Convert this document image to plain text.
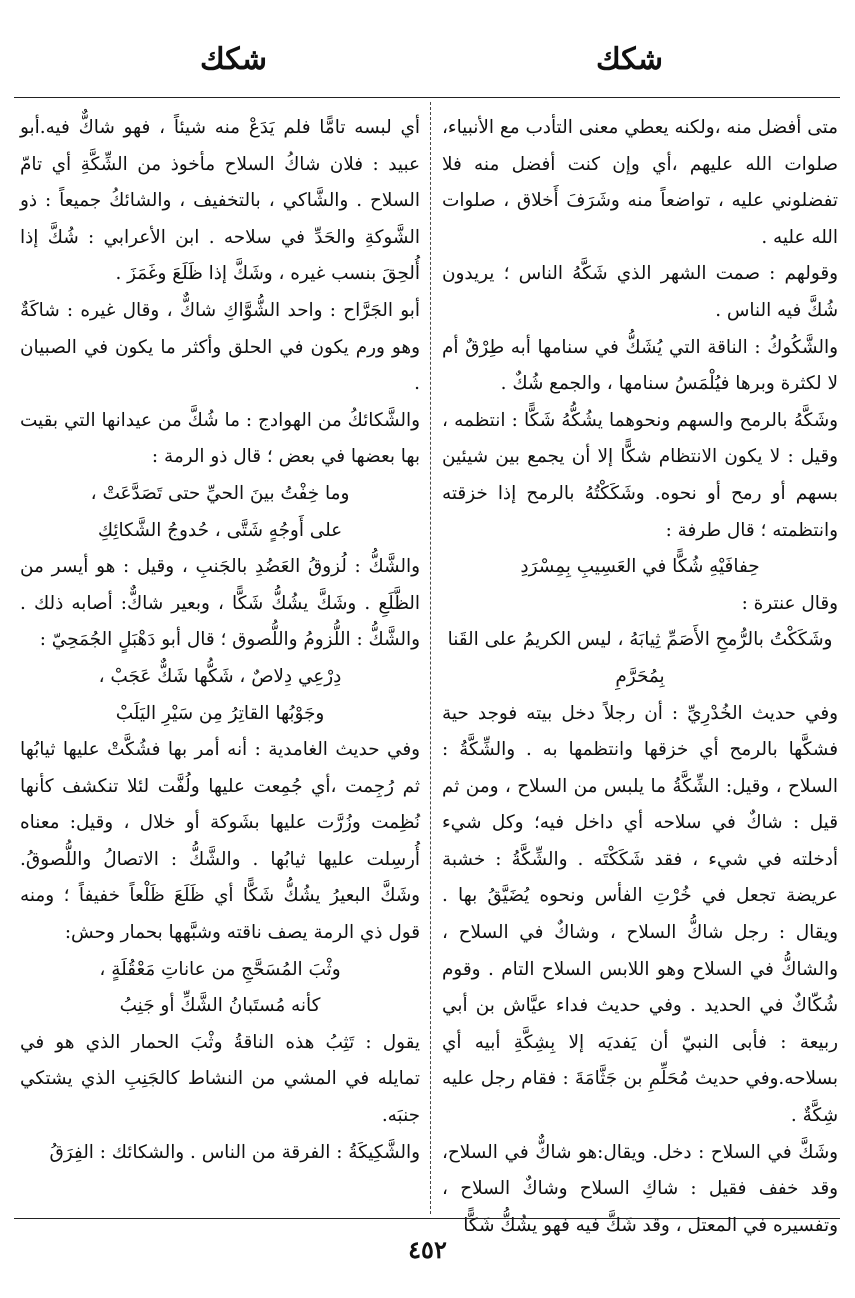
شكك
شكك

متى أفضل منه ،ولكنه يعطي معنى التأدب مع الأنبياء، صلوات الله عليهم ،أي وإن كنت أفضل منه فلا تفضلوني عليه ، تواضعاً منه وشَرَفَ أَخلاق ، صلوات الله عليه .

وقولهم : صمت الشهر الذي شَكَّهُ الناس ؛ يريدون شُكَّ فيه الناس .

والشَّكُوكُ : الناقة التي يُشَكُّ في سنامها أبه طِرْقٌ أم لا لكثرة وبرها فيُلْمَسُ سنامها ، والجمع شُكٌ .

وشَكَّهُ بالرمح والسهم ونحوهما يشُكُّهُ شَكًّا : انتظمه ، وقيل : لا يكون الانتظام شكًّا إلا أن يجمع بين شيئين بسهم أو رمح أو نحوه. وشَكَكْتُهُ بالرمح إذا خزقته وانتظمته ؛ قال طرفة :

حِفافَيْهِ شُكًّا في العَسِيبِ بِمِسْرَدِ

وقال عنترة :

وشَكَكْتُ بالرُّمحِ الأَصَمِّ ثِيابَهُ ، ليس الكريمُ على القَنا بِمُحَرَّمِ

وفي حديث الخُدْرِيِّ : أن رجلاً دخل بيته فوجد حية فشكَّها بالرمح أي خزقها وانتظمها به . والشِّكَّةُ : السلاح ، وقيل: الشِّكَّةُ ما يلبس من السلاح ، ومن ثم قيل : شاكٌ في سلاحه أي داخل فيه؛ وكل شيء أدخلته في شيء ، فقد شَكَكْتَه . والشِّكَّةُ : خشبة عريضة تجعل في خُرْتِ الفأس ونحوه يُضَيَّقُ بها . ويقال : رجل شاكُّ السلاح ، وشاكٌ في السلاح ، والشاكُّ في السلاح وهو اللابس السلاح التام . وقوم شُكّاكٌ في الحديد . وفي حديث فداء عيَّاش بن أبي ربيعة : فأبى النبيّ أن يَفديَه إلا بِشِكَّةِ أبيه أي بسلاحه.وفي حديث مُحَلِّمِ بن جَثَّامَةَ : فقام رجل عليه شِكَّةٌ .

وشَكَّ في السلاح : دخل. ويقال:هو شاكٌّ في السلاح، وقد خفف فقيل : شاكِ السلاح وشاكٌ السلاح ، وتفسيره في المعتل ، وقد شَكَّ فيه فهو يشُكُّ شَكًّا

أي لبسه تامًّا فلم يَدَعْ منه شيئاً ، فهو شاكٌّ فيه.أبو عبيد : فلان شاكُ السلاح مأخوذ من الشِّكَّةِ أي تامّ السلاح . والشَّاكي ، بالتخفيف ، والشائكُ جميعاً : ذو الشَّوكةِ والحَدِّ في سلاحه . ابن الأعرابي : شُكَّ إذا أُلحِقَ بنسب غيره ، وشَكَّ إذا ظَلَعَ وغَمَزَ .

أبو الجَرَّاح : واحد الشُّوَّاكِ شاكٌّ ، وقال غيره : شاكَةٌ وهو ورم يكون في الحلق وأكثر ما يكون في الصبيان .

والشَّكائكُ من الهوادج : ما شُكَّ من عيدانها التي بقيت بها بعضها في بعض ؛ قال ذو الرمة :

وما خِفْتُ بينَ الحيِّ حتى تَصَدَّعَتْ ،

على أَوجُهٍ شَتَّى ، حُدوجُ الشَّكائِكِ

والشَّكُّ : لُزوقُ العَضُدِ بالجَنبِ ، وقيل : هو أيسر من الظَّلَعِ . وشَكَّ يشُكُّ شَكًّا ، وبعير شاكٌّ: أصابه ذلك . والشَّكُّ : اللُّزومُ واللُّصوق ؛ قال أبو دَهْبَلٍ الجُمَحِيّ :

دِرْعِي دِلاصٌ ، شَكُّها شَكٌّ عَجَبْ ،

وجَوْبُها القاتِرُ مِن سَيْرِ اليَلَبْ

وفي حديث الغامدية : أنه أمر بها فشُكَّتْ عليها ثيابُها ثم رُجِمت ،أي جُمِعت عليها ولُفَّت لئلا تنكشف كأنها نُظِمت وزُرَّت عليها بشَوكة أو خلال ، وقيل: معناه أُرسِلت عليها ثيابُها . والشَّكُّ : الاتصالُ واللُّصوقُ. وشَكَّ البعيرُ يشُكُّ شَكًّا أي ظَلَعَ ظَلْعاً خفيفاً ؛ ومنه قول ذي الرمة يصف ناقته وشبَّهها بحمار وحش:

وثْبَ المُسَحَّجِ من عاناتِ مَعْقُلَةٍ ،

كأنه مُستَبانُ الشَّكِّ أو جَنِبُ

يقول : تَثِبُ هذه الناقةُ وثْبَ الحمار الذي هو في تمايله في المشي من النشاط كالجَنِبِ الذي يشتكي جنبَه.

والشَّكِيكَةُ : الفرقة من الناس . والشكائك : الفِرَقُ

٤٥٢
